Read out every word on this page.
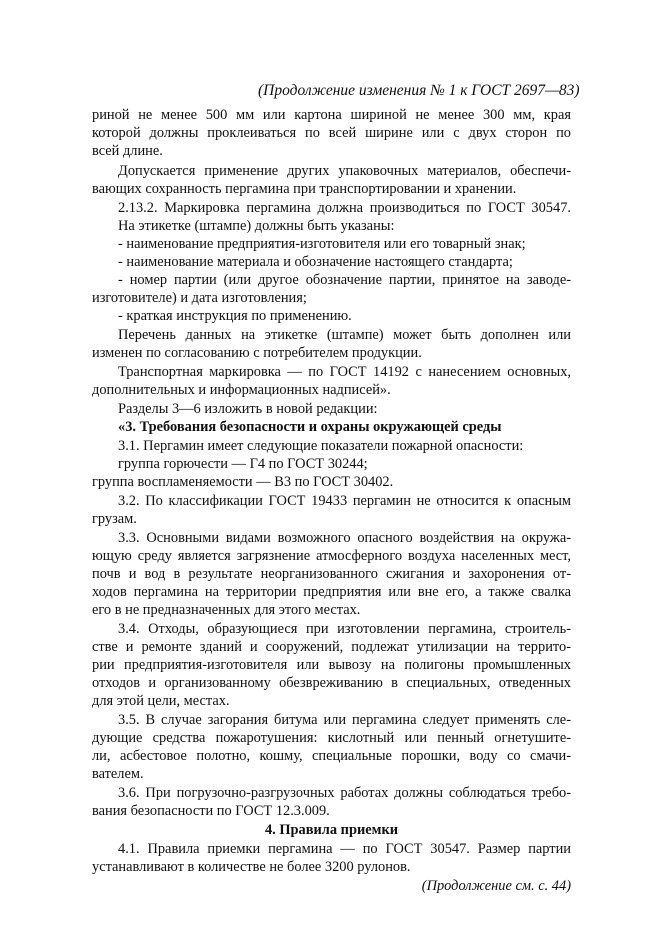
(Продолжение изменения № 1 к ГОСТ 2697—83)
риной не менее 500 мм или картона шириной не менее 300 мм, края
которой должны проклеиваться по всей ширине или с двух сторон по
всей длине.
Допускается применение других упаковочных материалов, обеспечи-
вающих сохранность пергамина при транспортировании и хранении.
2.13.2. Маркировка пергамина должна производиться по ГОСТ 30547.
На этикетке (штампе) должны быть указаны:
- наименование предприятия-изготовителя или его товарный знак;
- наименование материала и обозначение настоящего стандарта;
- номер партии (или другое обозначение партии, принятое на заводе-
изготовителе) и дата изготовления;
- краткая инструкция по применению.
Перечень данных на этикетке (штампе) может быть дополнен или
изменен по согласованию с потребителем продукции.
Транспортная маркировка — по ГОСТ 14192 с нанесением основных,
дополнительных и информационных надписей».
Разделы 3—6 изложить в новой редакции:
«3. Требования безопасности и охраны окружающей среды
3.1. Пергамин имеет следующие показатели пожарной опасности:
группа горючести — Г4 по ГОСТ 30244;
группа воспламеняемости — В3 по ГОСТ 30402.
3.2. По классификации ГОСТ 19433 пергамин не относится к опасным
грузам.
3.3. Основными видами возможного опасного воздействия на окружа-
ющую среду является загрязнение атмосферного воздуха населенных мест,
почв и вод в результате неорганизованного сжигания и захоронения от-
ходов пергамина на территории предприятия или вне его, а также свалка
его в не предназначенных для этого местах.
3.4. Отходы, образующиеся при изготовлении пергамина, строитель-
стве и ремонте зданий и сооружений, подлежат утилизации на террито-
рии предприятия-изготовителя или вывозу на полигоны промышленных
отходов и организованному обезвреживанию в специальных, отведенных
для этой цели, местах.
3.5. В случае загорания битума или пергамина следует применять сле-
дующие средства пожаротушения: кислотный или пенный огнетушите-
ли, асбестовое полотно, кошму, специальные порошки, воду со смачи-
вателем.
3.6. При погрузочно-разгрузочных работах должны соблюдаться требо-
вания безопасности по ГОСТ 12.3.009.
4. Правила приемки
4.1. Правила приемки пергамина — по ГОСТ 30547. Размер партии
устанавливают в количестве не более 3200 рулонов.
(Продолжение см. с. 44)
